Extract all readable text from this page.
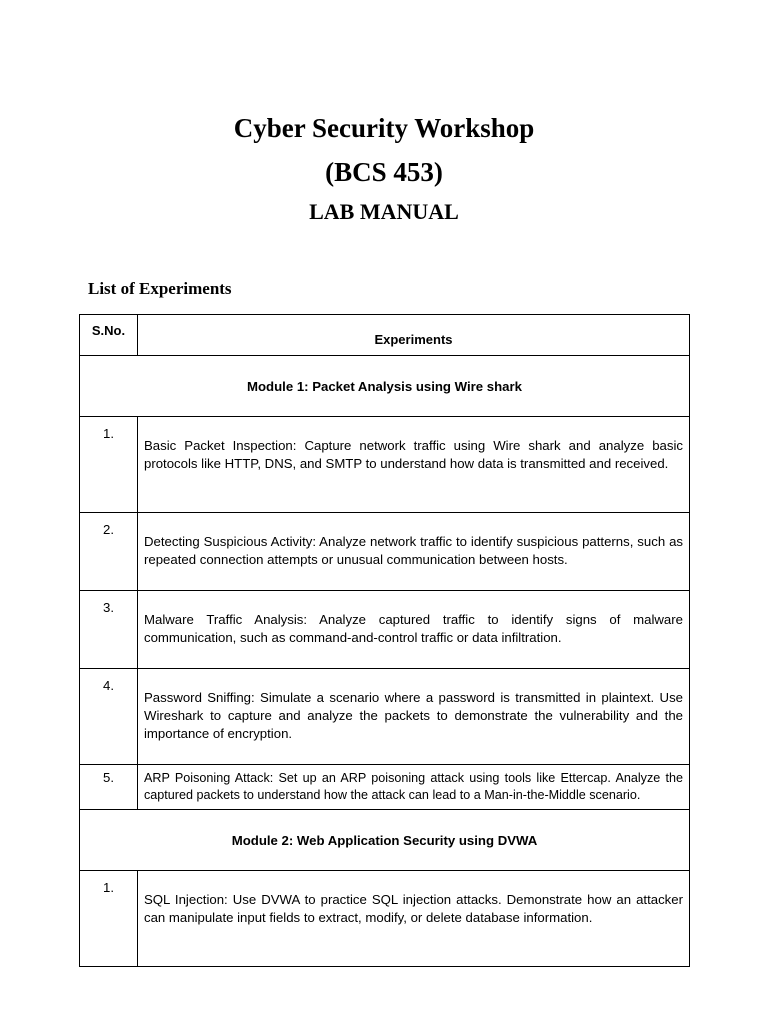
Cyber Security Workshop
(BCS 453)
LAB MANUAL
List of Experiments
S.No.	Experiments

Module 1: Packet Analysis using Wire shark	

1.	Basic Packet Inspection: Capture network traffic using Wire shark and analyze basic protocols like HTTP, DNS, and SMTP to understand how data is transmitted and received.

2.	Detecting Suspicious Activity: Analyze network traffic to identify suspicious patterns, such as repeated connection attempts or unusual communication between hosts.

3.	Malware Traffic Analysis: Analyze captured traffic to identify signs of malware communication, such as command-and-control traffic or data infiltration.

4.	Password Sniffing: Simulate a scenario where a password is transmitted in plaintext. Use Wireshark to capture and analyze the packets to demonstrate the vulnerability and the importance of encryption.

5.	ARP Poisoning Attack: Set up an ARP poisoning attack using tools like Ettercap. Analyze the captured packets to understand how the attack can lead to a Man-in-the-Middle scenario.

Module 2: Web Application Security using DVWA	

1.	SQL Injection: Use DVWA to practice SQL injection attacks. Demonstrate how an attacker can manipulate input fields to extract, modify, or delete database information.
